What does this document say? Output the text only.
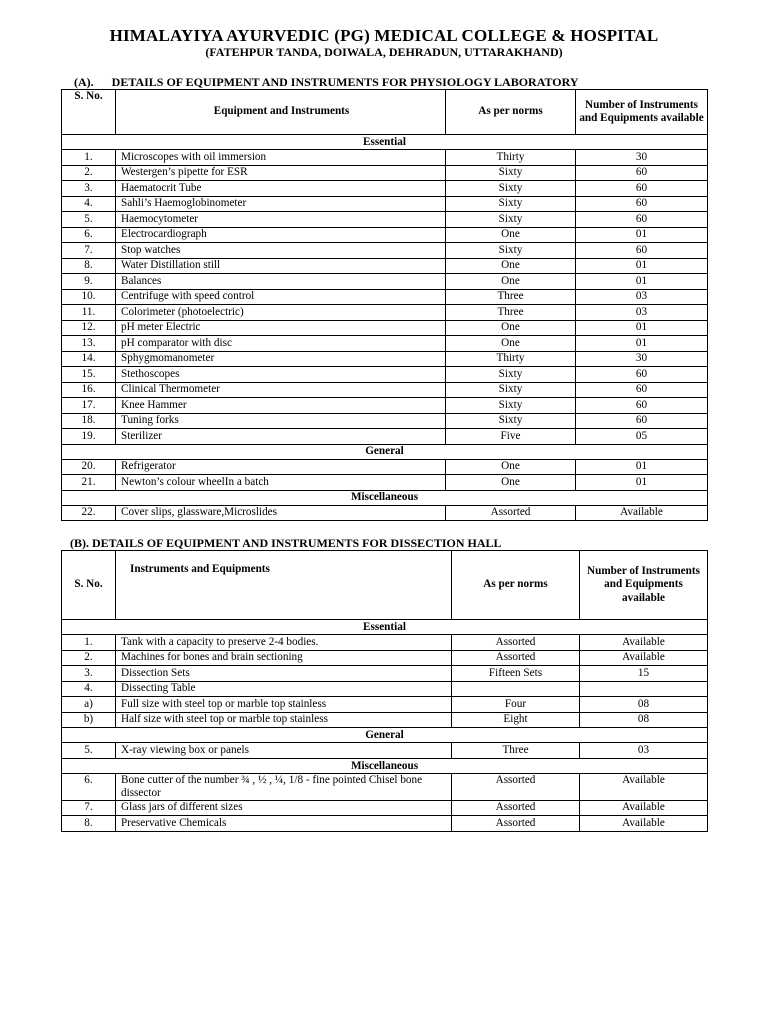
HIMALAYIYA AYURVEDIC (PG) MEDICAL COLLEGE & HOSPITAL
(FATEHPUR TANDA, DOIWALA, DEHRADUN, UTTARAKHAND)
(A).      DETAILS OF EQUIPMENT AND INSTRUMENTS FOR PHYSIOLOGY LABORATORY
S. No.	Equipment and Instruments	As per norms	Number of Instruments and Equipments available
Essential			
1.	Microscopes with oil immersion	Thirty	30
2.	Westergen’s pipette for ESR	Sixty	60
3.	Haematocrit Tube	Sixty	60
4.	Sahli’s Haemoglobinometer	Sixty	60
5.	Haemocytometer	Sixty	60
6.	Electrocardiograph	One	01
7.	Stop watches	Sixty	60
8.	Water Distillation still	One	01
9.	Balances	One	01
10.	Centrifuge with speed control	Three	03
11.	Colorimeter (photoelectric)	Three	03
12.	pH meter Electric	One	01
13.	pH comparator with disc	One	01
14.	Sphygmomanometer	Thirty	30
15.	Stethoscopes	Sixty	60
16.	Clinical Thermometer	Sixty	60
17.	Knee Hammer	Sixty	60
18.	Tuning forks	Sixty	60
19.	Sterilizer	Five	05
General			
20.	Refrigerator	One	01
21.	Newton’s colour wheelIn a batch	One	01
Miscellaneous			
22.	Cover slips, glassware,Microslides	Assorted	Available
(B). DETAILS OF EQUIPMENT AND INSTRUMENTS FOR DISSECTION HALL
S. No.	Instruments and Equipments	As per norms	Number of Instruments and Equipments available
Essential			
1.	Tank with a capacity to preserve 2-4 bodies.	Assorted	Available
2.	Machines for bones and brain sectioning	Assorted	Available
3.	Dissection Sets	Fifteen Sets	15
4.	Dissecting Table		
a)	Full size with steel top or marble top stainless	Four	08
b)	Half size with steel top or marble top stainless	Eight	08
General			
5.	X-ray viewing box or panels	Three	03
Miscellaneous			
6.	Bone cutter of the number ¾ , ½ , ¼, 1/8 - fine pointed Chisel bone dissector	Assorted	Available
7.	Glass jars of different sizes	Assorted	Available
8.	Preservative Chemicals	Assorted	Available
